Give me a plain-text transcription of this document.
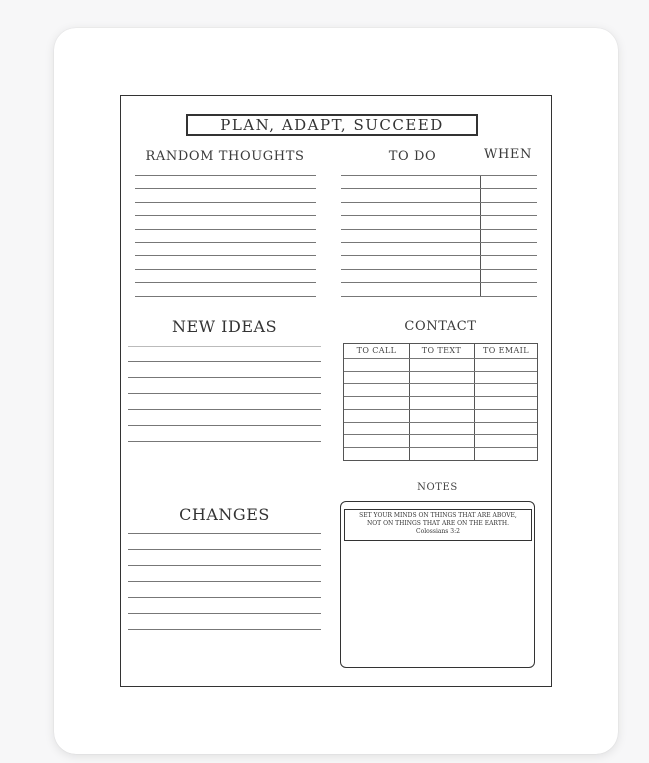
PLAN, ADAPT, SUCCEED
RANDOM THOUGHTS	TO DO	WHEN
NEW IDEAS	CONTACT
TO CALL	TO TEXT	TO EMAIL
CHANGES
NOTES
SET YOUR MINDS ON THINGS THAT ARE ABOVE,
NOT ON THINGS THAT ARE ON THE EARTH.
Colossians 3:2
